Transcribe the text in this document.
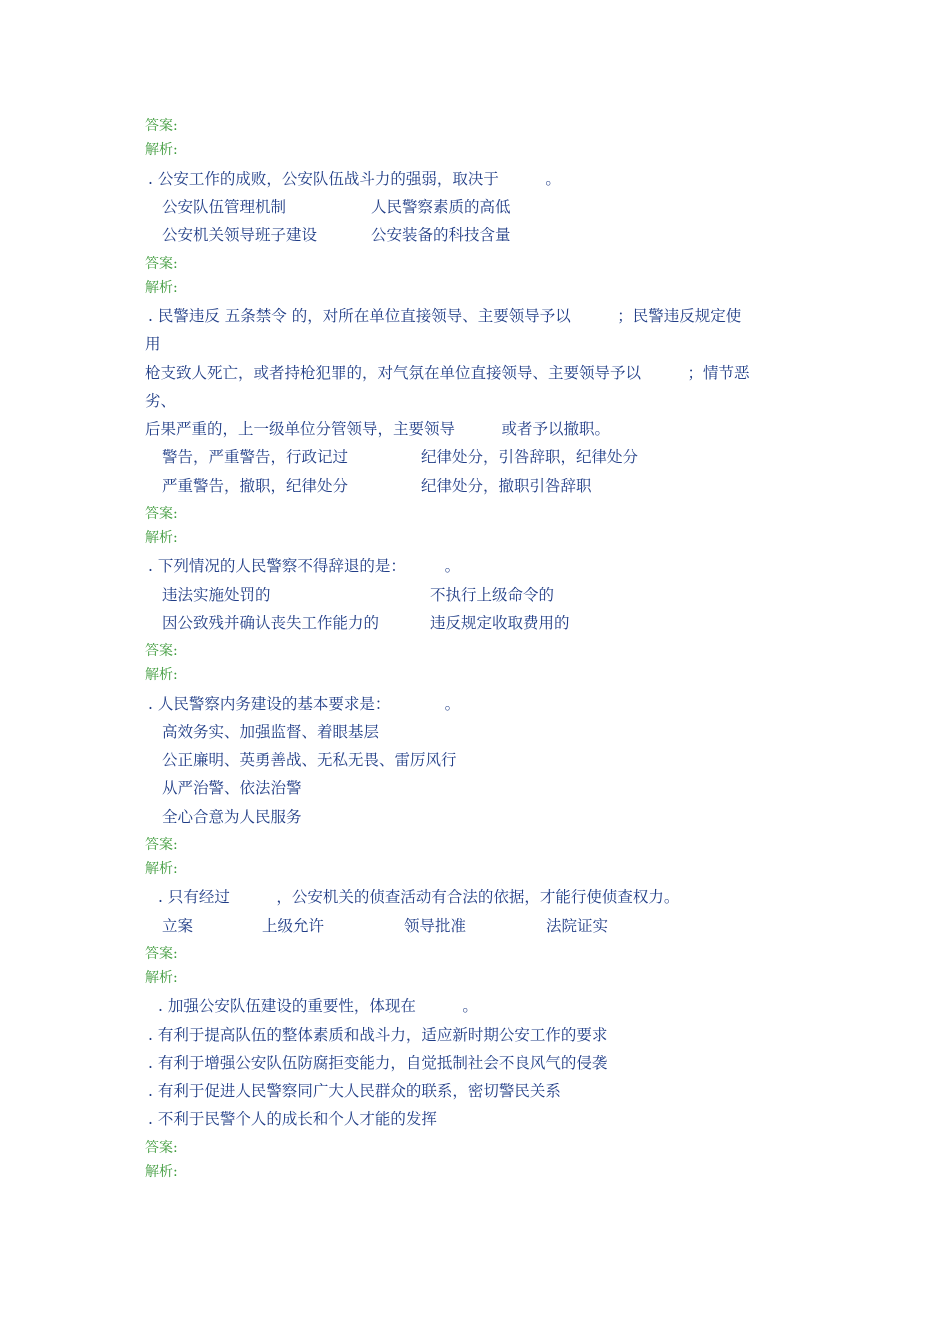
答案:
解析:
. 公安工作的成败，公安队伍战斗力的强弱，取决于　　　。
公安队伍管理机制	人民警察素质的高低
公安机关领导班子建设	公安装备的科技含量
答案:
解析:
. 民警违反 五条禁令 的，对所在单位直接领导、主要领导予以　　　；民警违反规定使
用
枪支致人死亡，或者持枪犯罪的，对气氛在单位直接领导、主要领导予以　　　；情节恶
劣、
后果严重的，上一级单位分管领导，主要领导　　　或者予以撤职。
警告，严重警告，行政记过	纪律处分，引咎辞职，纪律处分
严重警告，撤职，纪律处分	纪律处分，撤职引咎辞职
答案:
解析:
. 下列情况的人民警察不得辞退的是：　　　。
违法实施处罚的	不执行上级命令的
因公致残并确认丧失工作能力的	违反规定收取费用的
答案:
解析:
. 人民警察内务建设的基本要求是：　　　　。
高效务实、加强监督、着眼基层
公正廉明、英勇善战、无私无畏、雷厉风行
从严治警、依法治警
全心合意为人民服务
答案:
解析:
. 只有经过　　　，公安机关的侦查活动有合法的依据，才能行使侦查权力。
立案	上级允许	领导批准	法院证实
答案:
解析:
. 加强公安队伍建设的重要性，体现在　　　。
. 有利于提高队伍的整体素质和战斗力，适应新时期公安工作的要求
. 有利于增强公安队伍防腐拒变能力，自觉抵制社会不良风气的侵袭
. 有利于促进人民警察同广大人民群众的联系，密切警民关系
. 不利于民警个人的成长和个人才能的发挥
答案:
解析:
